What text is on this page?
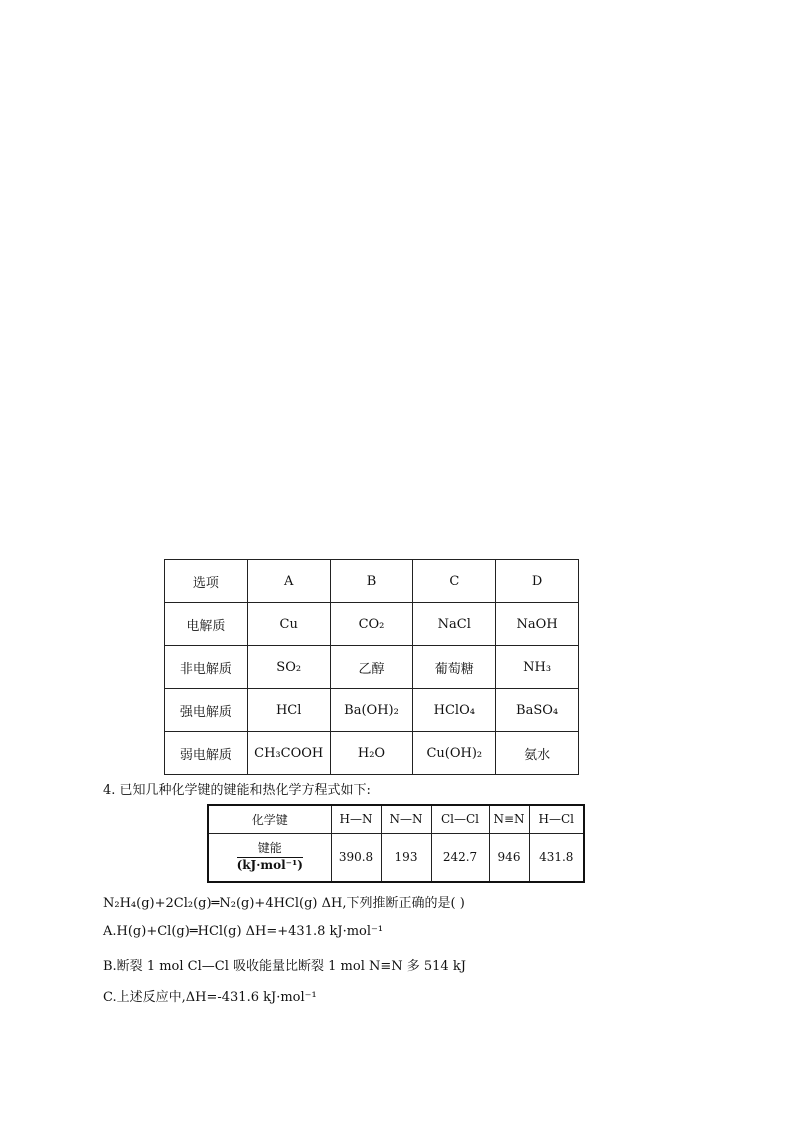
选项	A	B	C	D
电解质	Cu	CO₂	NaCl	NaOH
非电解质	SO₂	乙醇	葡萄糖	NH₃
强电解质	HCl	Ba(OH)₂	HClO₄	BaSO₄
弱电解质	CH₃COOH	H₂O	Cu(OH)₂	氨水
4. 已知几种化学键的键能和热化学方程式如下:
化学键	H—N	N—N	Cl—Cl	N≡N	H—Cl

$\frac{\text{键能}}{\text{(kJ·mol⁻¹)}}$	390.8	193	242.7	946	431.8
N₂H₄(g)+2Cl₂(g)═N₂(g)+4HCl(g) ΔH,下列推断正确的是( )
A.H(g)+Cl(g)═HCl(g) ΔH=+431.8 kJ·mol⁻¹
B.断裂 1 mol Cl—Cl 吸收能量比断裂 1 mol N≡N 多 514 kJ
C.上述反应中,ΔH=-431.6 kJ·mol⁻¹
